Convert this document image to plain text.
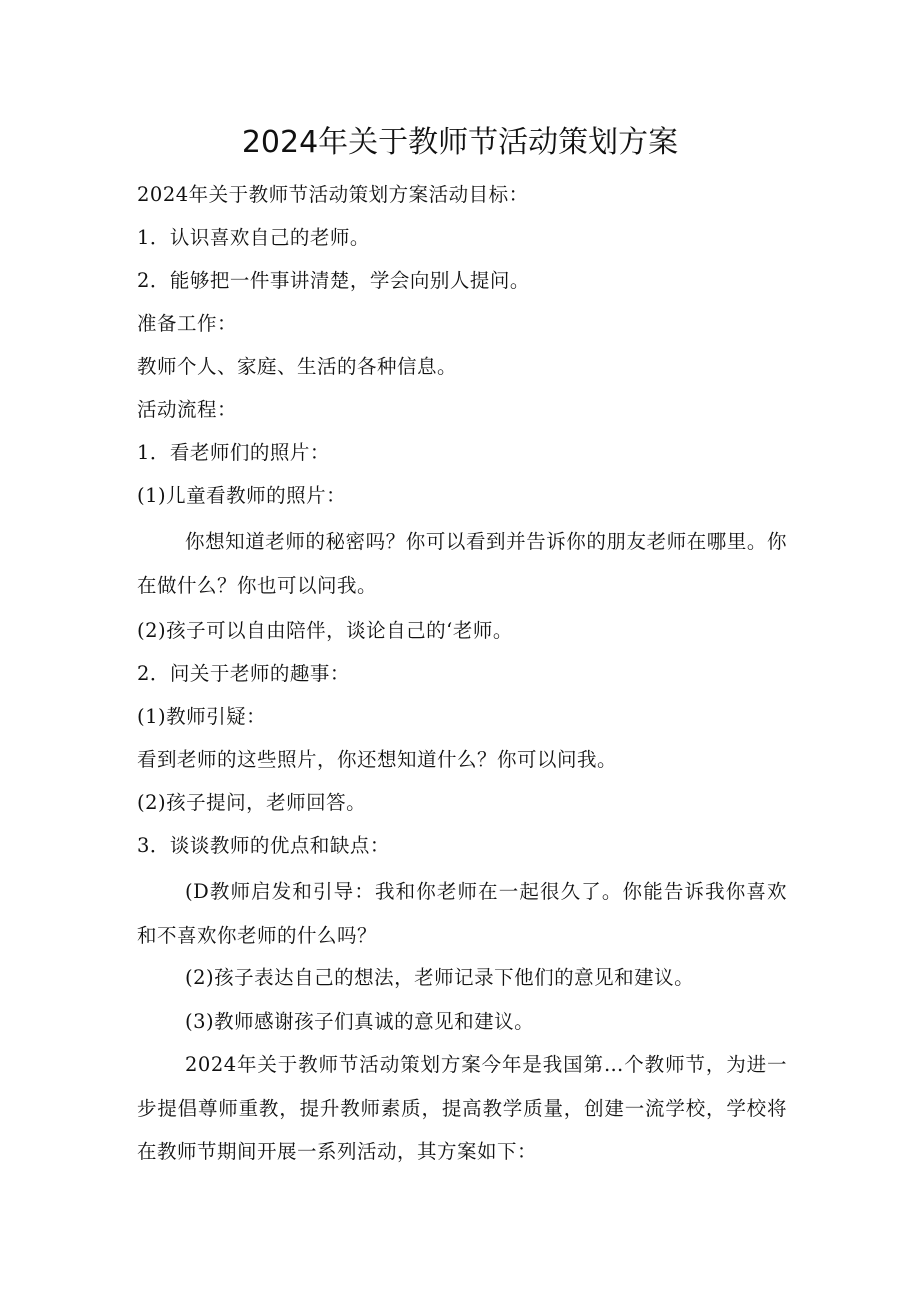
2024年关于教师节活动策划方案

2024年关于教师节活动策划方案活动目标：

1．认识喜欢自己的老师。

2．能够把一件事讲清楚，学会向别人提问。

准备工作：

教师个人、家庭、生活的各种信息。

活动流程：

1．看老师们的照片：

(1)儿童看教师的照片：

你想知道老师的秘密吗？你可以看到并告诉你的朋友老师在哪里。你在做什么？你也可以问我。

(2)孩子可以自由陪伴，谈论自己的‘老师。

2．问关于老师的趣事：

(1)教师引疑：

看到老师的这些照片，你还想知道什么？你可以问我。

(2)孩子提问，老师回答。

3．谈谈教师的优点和缺点：

(D教师启发和引导：我和你老师在一起很久了。你能告诉我你喜欢和不喜欢你老师的什么吗？

(2)孩子表达自己的想法，老师记录下他们的意见和建议。

(3)教师感谢孩子们真诚的意见和建议。

2024年关于教师节活动策划方案今年是我国第…个教师节，为进一步提倡尊师重教，提升教师素质，提高教学质量，创建一流学校，学校将在教师节期间开展一系列活动，其方案如下：
